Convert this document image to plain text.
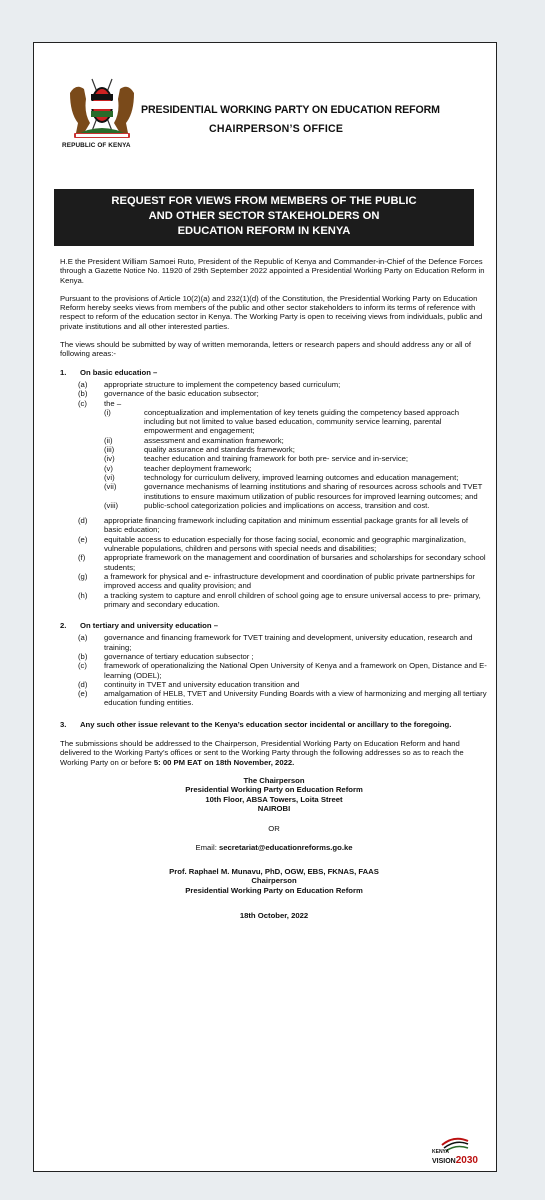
REPUBLIC OF KENYA
PRESIDENTIAL WORKING PARTY ON EDUCATION REFORM
CHAIRPERSON’S OFFICE
REQUEST FOR VIEWS FROM MEMBERS OF THE PUBLIC
AND OTHER SECTOR STAKEHOLDERS ON
EDUCATION REFORM IN KENYA

H.E the President William Samoei Ruto, President of the Republic of Kenya and Commander-in-Chief of the Defence Forces through a Gazette Notice No. 11920 of 29th September 2022 appointed a Presidential Working Party on Education Reform in Kenya.

Pursuant to the provisions of Article 10(2)(a) and 232(1)(d) of the Constitution, the Presidential Working Party on Education Reform hereby seeks views from members of the public and other sector stakeholders to inform its terms of reference with respect to reform of the education sector in Kenya. The Working Party is open to receiving views from individuals, public and private institutions and all other interested parties.

The views should be submitted by way of written memoranda, letters or research papers and should address any or all of following areas:-

1.	On basic education –
(a)	appropriate structure to implement the competency based curriculum;
(b)	governance of the basic education subsector;
(c)	the –
(i)	conceptualization and implementation of key tenets guiding the competency based approach including but not limited to value based education, community service learning, parental empowerment and engagement;
(ii)	assessment and examination framework;
(iii)	quality assurance and standards framework;
(iv)	teacher education and training framework for both pre- service and in-service;
(v)	teacher deployment framework;
(vi)	technology for curriculum delivery, improved learning outcomes and education management;
(vii)	governance mechanisms of learning institutions and sharing of resources across schools and TVET institutions to ensure maximum utilization of public resources for improved learning outcomes; and
(viii)	public-school categorization policies and implications on access, transition and cost.
(d)	appropriate financing framework including capitation and minimum essential package grants for all levels of basic education;
(e)	equitable access to education especially for those facing social, economic and geographic marginalization, vulnerable populations, children and persons with special needs and disabilities;
(f)	appropriate framework on the management and coordination of bursaries and scholarships for secondary school students;
(g)	a framework for physical and e- infrastructure development and coordination of public private partnerships for improved access and quality provision; and
(h)	a tracking system to capture and enroll children of school going age to ensure universal access to pre- primary, primary and secondary education.
2.	On tertiary and university education –
(a)	governance and financing framework for TVET training and development, university education, research and training;
(b)	governance of tertiary education subsector ;
(c)	framework of operationalizing the National Open University of Kenya and a framework on Open, Distance and E-learning (ODEL);
(d)	continuity in TVET and university education transition and
(e)	amalgamation of HELB, TVET and University Funding Boards with a view of harmonizing and merging all tertiary education funding entities.
3.	Any such other issue relevant to the Kenya’s education sector incidental or ancillary to the foregoing.

The submissions should be addressed to the Chairperson, Presidential Working Party on Education Reform and hand delivered to the Working Party’s offices or sent to the Working Party through the following addresses so as to reach the Working Party on or before 5: 00 PM EAT on 18th November, 2022.

The Chairperson
Presidential Working Party on Education Reform
10th Floor, ABSA Towers, Loita Street
NAIROBI
OR
Email: secretariat@educationreforms.go.ke
Prof. Raphael M. Munavu, PhD, OGW, EBS, FKNAS, FAAS
Chairperson
Presidential Working Party on Education Reform
18th October, 2022
KENYA
VISION2030
